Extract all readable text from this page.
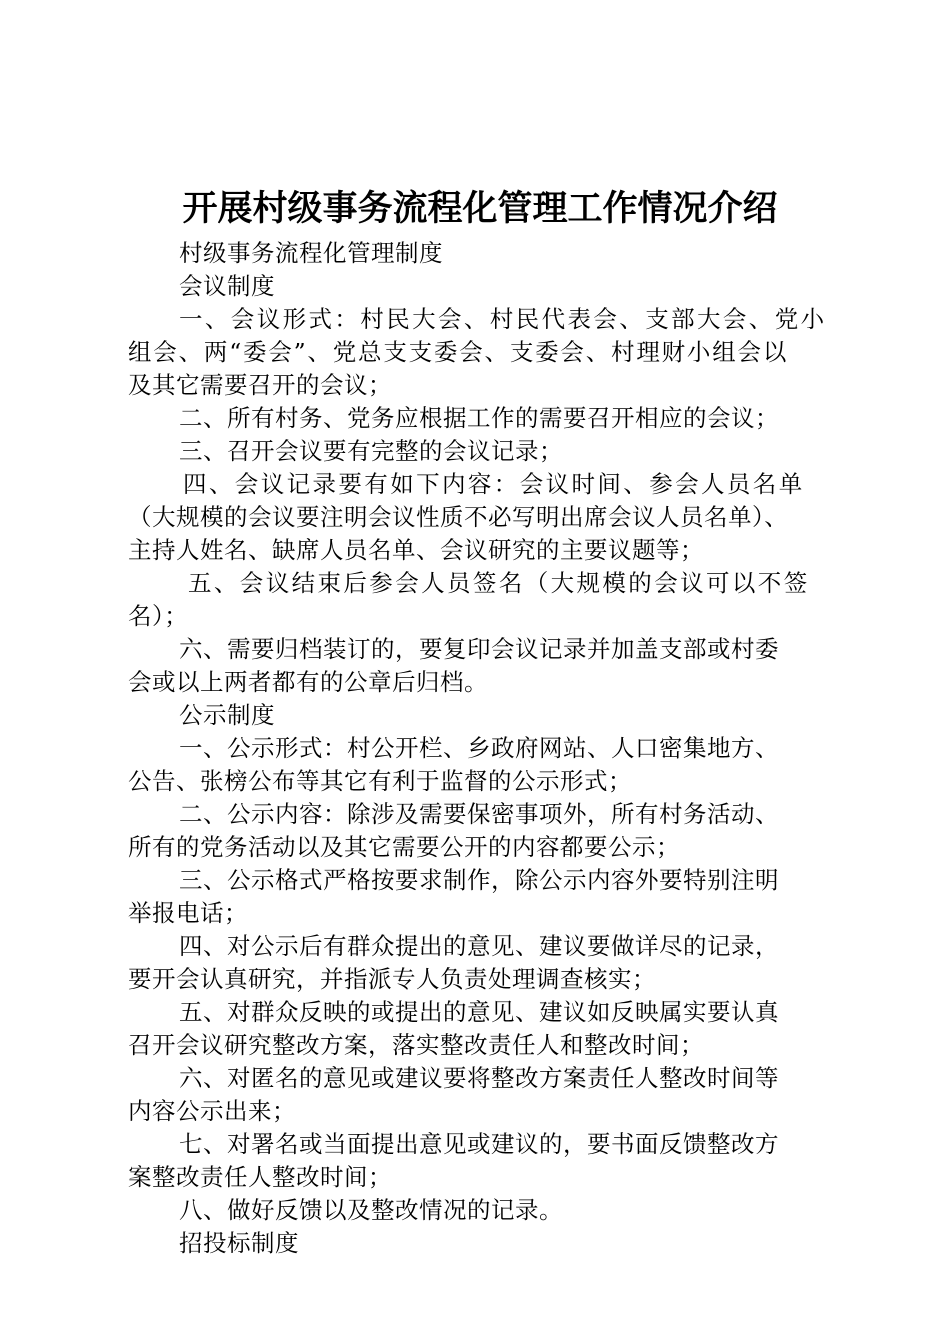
开展村级事务流程化管理工作情况介绍

村级事务流程化管理制度

会议制度

一、会议形式：村民大会、村民代表会、支部大会、党小

组会、两“委会”、党总支支委会、支委会、村理财小组会以

及其它需要召开的会议；

二、所有村务、党务应根据工作的需要召开相应的会议；

三、召开会议要有完整的会议记录；

四、会议记录要有如下内容：会议时间、参会人员名单

（大规模的会议要注明会议性质不必写明出席会议人员名单）、

主持人姓名、缺席人员名单、会议研究的主要议题等；

五、会议结束后参会人员签名（大规模的会议可以不签

名）；

六、需要归档装订的，要复印会议记录并加盖支部或村委

会或以上两者都有的公章后归档。

公示制度

一、公示形式：村公开栏、乡政府网站、人口密集地方、

公告、张榜公布等其它有利于监督的公示形式；

二、公示内容：除涉及需要保密事项外，所有村务活动、

所有的党务活动以及其它需要公开的内容都要公示；

三、公示格式严格按要求制作，除公示内容外要特别注明

举报电话；

四、对公示后有群众提出的意见、建议要做详尽的记录，

要开会认真研究，并指派专人负责处理调查核实；

五、对群众反映的或提出的意见、建议如反映属实要认真

召开会议研究整改方案，落实整改责任人和整改时间；

六、对匿名的意见或建议要将整改方案责任人整改时间等

内容公示出来；

七、对署名或当面提出意见或建议的，要书面反馈整改方

案整改责任人整改时间；

八、做好反馈以及整改情况的记录。

招投标制度
